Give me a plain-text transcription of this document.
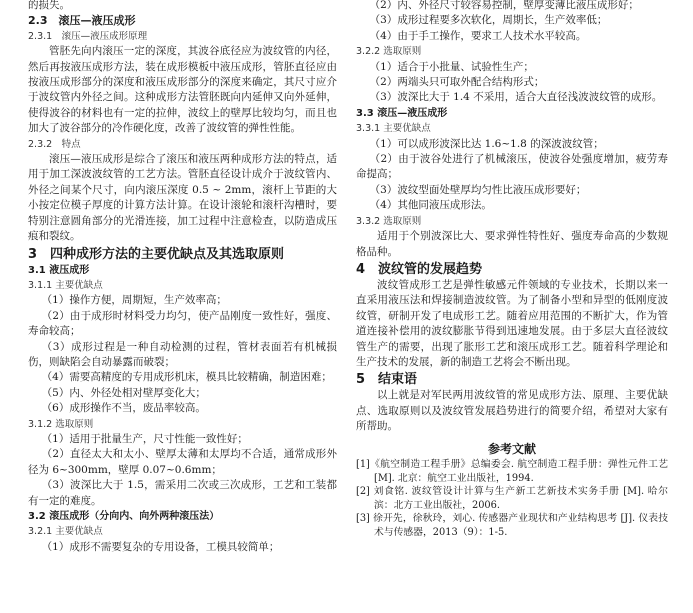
的损失。

2.3　滚压—液压成形

2.3.1　滚压—液压成形原理

管胚先向内滚压一定的深度，其波谷底径应为波纹管的内径，然后再按液压成形方法，装在成形模板中液压成形，管胚直径应由按液压成形部分的深度和液压成形部分的深度来确定，其尺寸应介于波纹管内外径之间。这种成形方法管胚既向内延伸又向外延伸，使得波谷的材料也有一定的拉伸，波纹上的壁厚比较均匀，而且也加大了波谷部分的冷作硬化度，改善了波纹管的弹性性能。

2.3.2　特点

滚压—液压成形是综合了滚压和液压两种成形方法的特点，适用于加工深波波纹管的工艺方法。管胚直径设计成介于波纹管内、外径之间某个尺寸，向内滚压深度 0.5 ~ 2mm，滚杆上节距的大小按定位模子厚度的计算方法计算。在设计滚轮和滚杆沟槽时，要特别注意圆角部分的光滑连接，加工过程中注意检查，以防造成压痕和裂纹。

3　四种成形方法的主要优缺点及其选取原则

3.1 液压成形

3.1.1 主要优缺点

（1）操作方便，周期短，生产效率高；

（2）由于成形时材料受力均匀，使产品刚度一致性好，强度、寿命较高；

（3）成形过程是一种自动检测的过程，管材表面若有机械损伤，则缺陷会自动暴露而破裂；

（4）需要高精度的专用成形机床，模具比较精确，制造困难；

（5）内、外径处相对壁厚变化大；

（6）成形操作不当，废品率较高。

3.1.2 选取原则

（1）适用于批量生产，尺寸性能一致性好；

（2）直径太大和太小、壁厚太薄和太厚均不合适，通常成形外径为 6~300mm，壁厚 0.07~0.6mm；

（3）波深比大于 1.5，需采用二次或三次成形，工艺和工装都有一定的难度。

3.2 滚压成形（分向内、向外两种滚压法）

3.2.1 主要优缺点

（1）成形不需要复杂的专用设备，工模具较简单；

（2）内、外径尺寸较容易控制，壁厚变薄比液压成形好；

（3）成形过程要多次软化，周期长，生产效率低；

（4）由于手工操作，要求工人技术水平较高。

3.2.2 选取原则

（1）适合于小批量、试验性生产；

（2）两端头只可取外配合结构形式；

（3）波深比大于 1.4 不采用，适合大直径浅波波纹管的成形。

3.3 滚压—液压成形

3.3.1 主要优缺点

（1）可以成形波深比达 1.6~1.8 的深波波纹管；

（2）由于波谷处进行了机械滚压，使波谷处强度增加，疲劳寿命提高；

（3）波纹型面处壁厚均匀性比液压成形要好；

（4）其他同液压成形法。

3.3.2 选取原则

适用于个别波深比大、要求弹性特性好、强度寿命高的少数规格品种。

4　波纹管的发展趋势

波纹管成形工艺是弹性敏感元件领域的专业技术，长期以来一直采用液压法和焊接制造波纹管。为了制备小型和异型的低刚度波纹管，研制开发了电成形工艺。随着应用范围的不断扩大，作为管道连接补偿用的波纹膨胀节得到迅速地发展。由于多层大直径波纹管生产的需要，出现了胀形工艺和滚压成形工艺。随着科学理论和生产技术的发展，新的制造工艺将会不断出现。

5　结束语

以上就是对军民两用波纹管的常见成形方法、原理、主要优缺点、选取原则以及波纹管发展趋势进行的简要介绍，希望对大家有所帮助。

参考文献

[1]《航空制造工程手册》总编委会. 航空制造工程手册：弹性元件工艺 [M]. 北京：航空工业出版社，1994.

[2] 刘食铭. 波纹管设计计算与生产新工艺新技术实务手册 [M]. 哈尔滨：北方工业出版社，2006.

[3] 徐开先，徐秋玲，刘心. 传感器产业现状和产业结构思考 [J]. 仪表技术与传感器，2013（9）：1-5.
